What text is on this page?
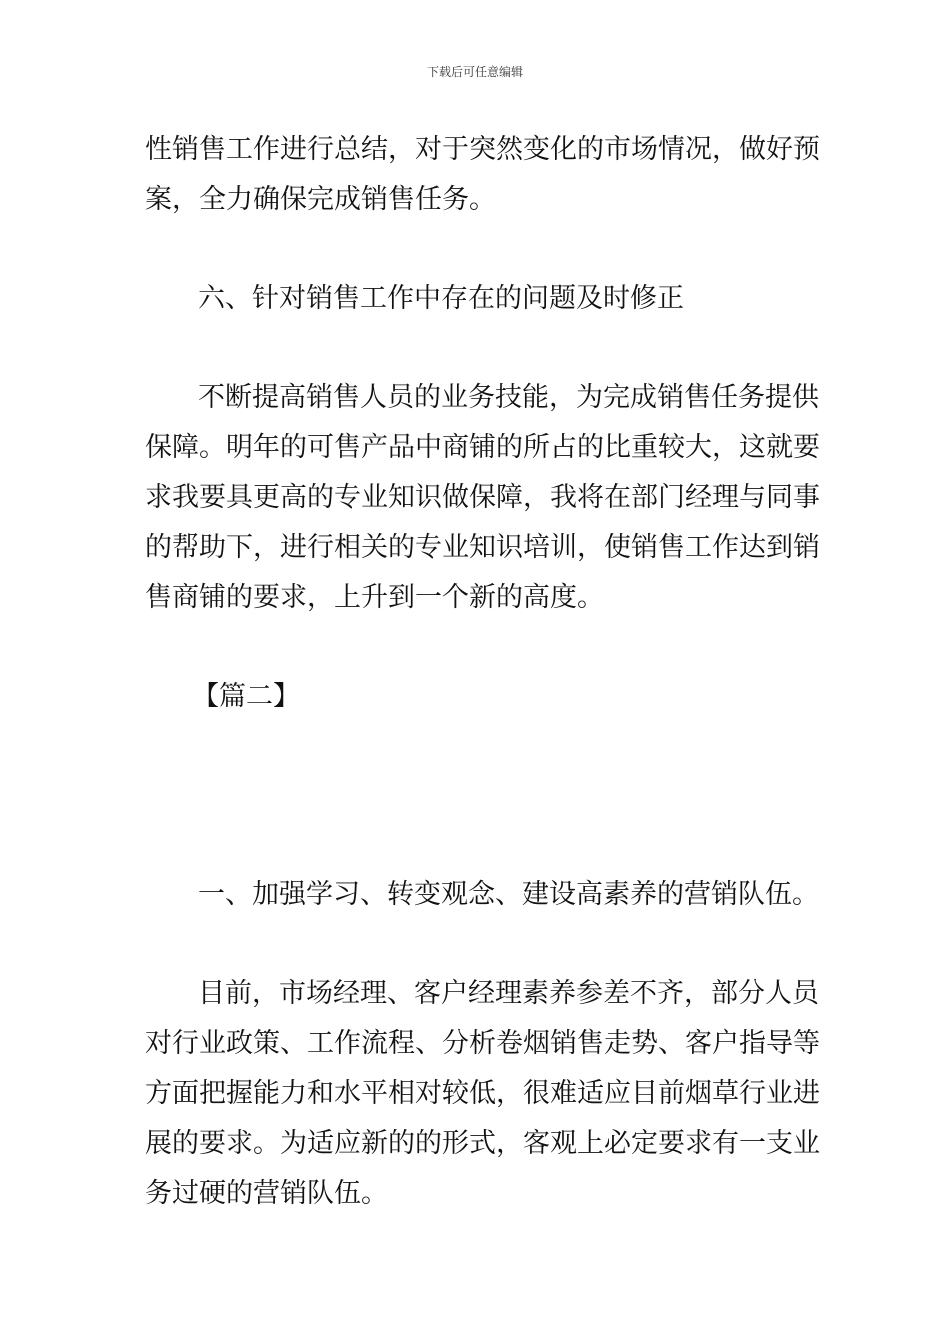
下载后可任意编辑
性销售工作进行总结，对于突然变化的市场情况，做好预
案，全力确保完成销售任务。
六、针对销售工作中存在的问题及时修正
不断提高销售人员的业务技能，为完成销售任务提供
保障。明年的可售产品中商铺的所占的比重较大，这就要
求我要具更高的专业知识做保障，我将在部门经理与同事
的帮助下，进行相关的专业知识培训，使销售工作达到销
售商铺的要求，上升到一个新的高度。
【篇二】
一、加强学习、转变观念、建设高素养的营销队伍。
目前，市场经理、客户经理素养参差不齐，部分人员
对行业政策、工作流程、分析卷烟销售走势、客户指导等
方面把握能力和水平相对较低，很难适应目前烟草行业进
展的要求。为适应新的的形式，客观上必定要求有一支业
务过硬的营销队伍。
